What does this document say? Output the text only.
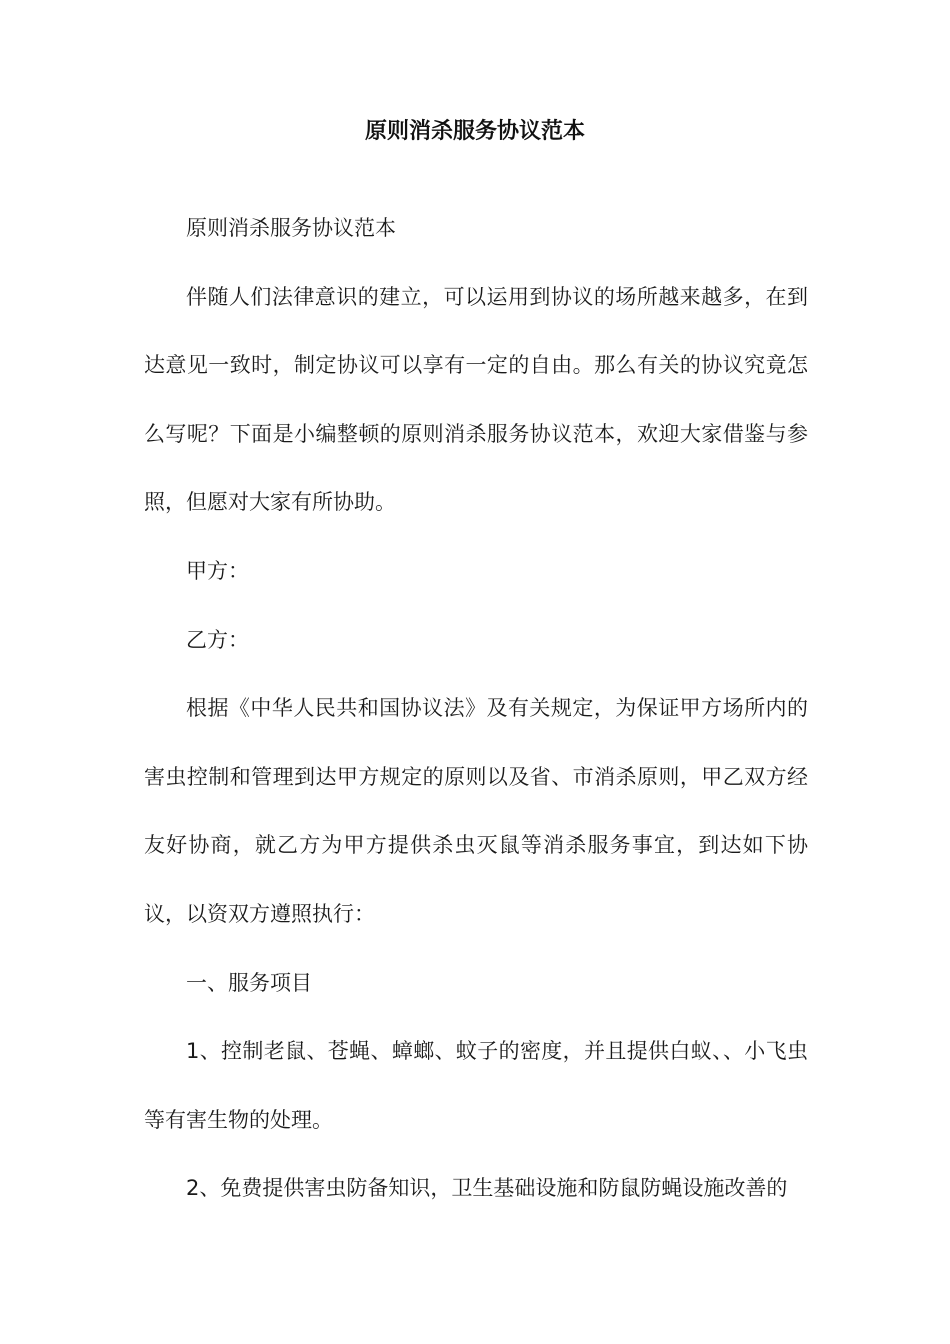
原则消杀服务协议范本

原则消杀服务协议范本

伴随人们法律意识的建立，可以运用到协议的场所越来越多，在到达意见一致时，制定协议可以享有一定的自由。那么有关的协议究竟怎么写呢？下面是小编整顿的原则消杀服务协议范本，欢迎大家借鉴与参照，但愿对大家有所协助。

甲方：

乙方：

根据《中华人民共和国协议法》及有关规定，为保证甲方场所内的害虫控制和管理到达甲方规定的原则以及省、市消杀原则，甲乙双方经友好协商，就乙方为甲方提供杀虫灭鼠等消杀服务事宜，到达如下协议，以资双方遵照执行：

一、服务项目

1、控制老鼠、苍蝇、蟑螂、蚊子的密度，并且提供白蚁、、小飞虫等有害生物的处理。

2、免费提供害虫防备知识，卫生基础设施和防鼠防蝇设施改善的
